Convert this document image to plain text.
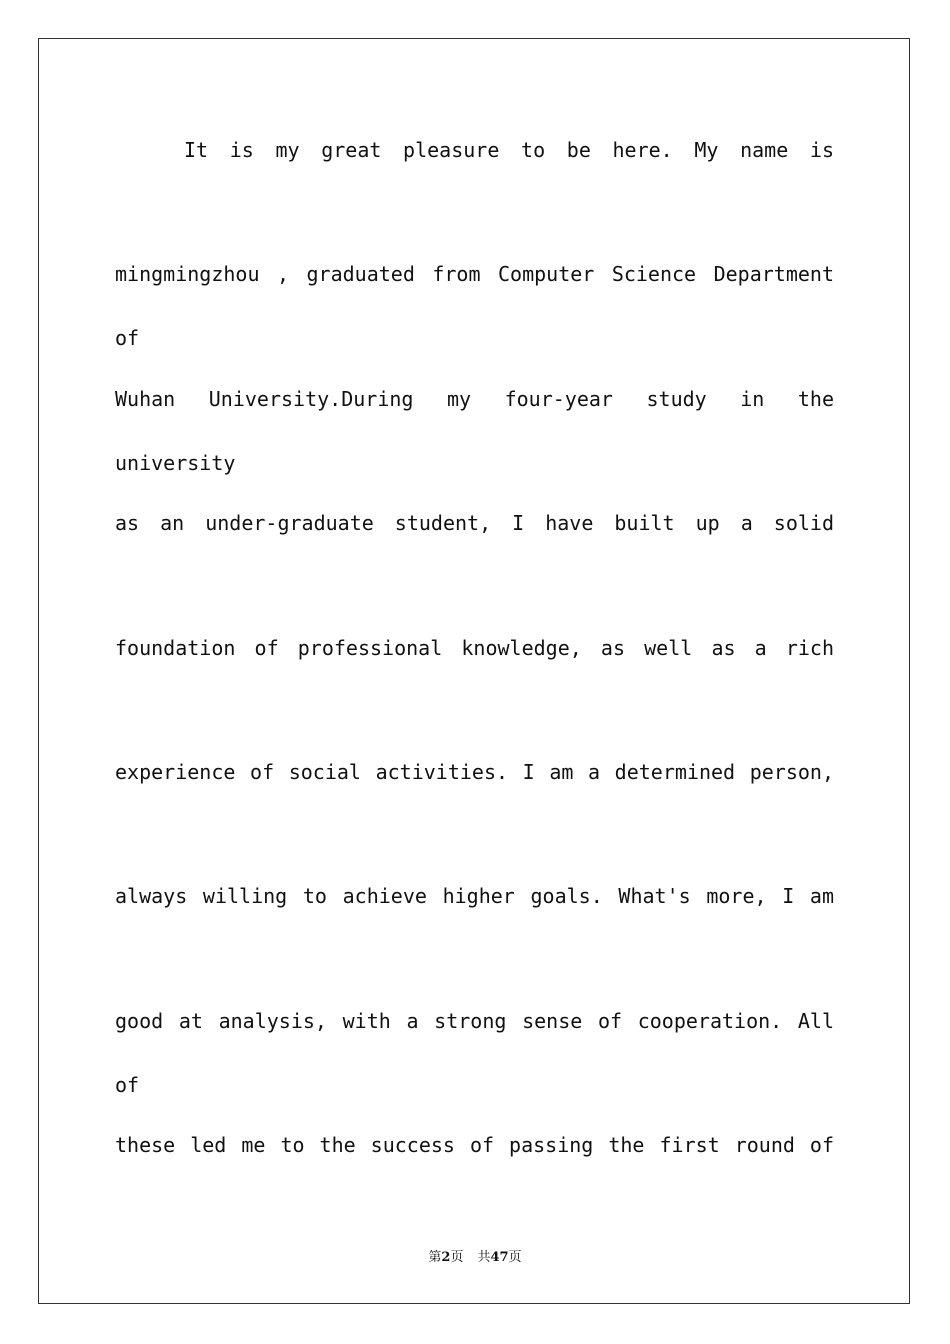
It is my great pleasure to be here. My name is
mingmingzhou , graduated from Computer Science Department of
Wuhan University.During my four-year study in the university
as an under-graduate student, I have built up a solid
foundation of professional knowledge, as well as a rich
experience of social activities. I am a determined person,
always willing to achieve higher goals. What's more, I am
good at analysis, with a strong sense of cooperation. All of
these led me to the success of passing the first round of
第2页 共47页
